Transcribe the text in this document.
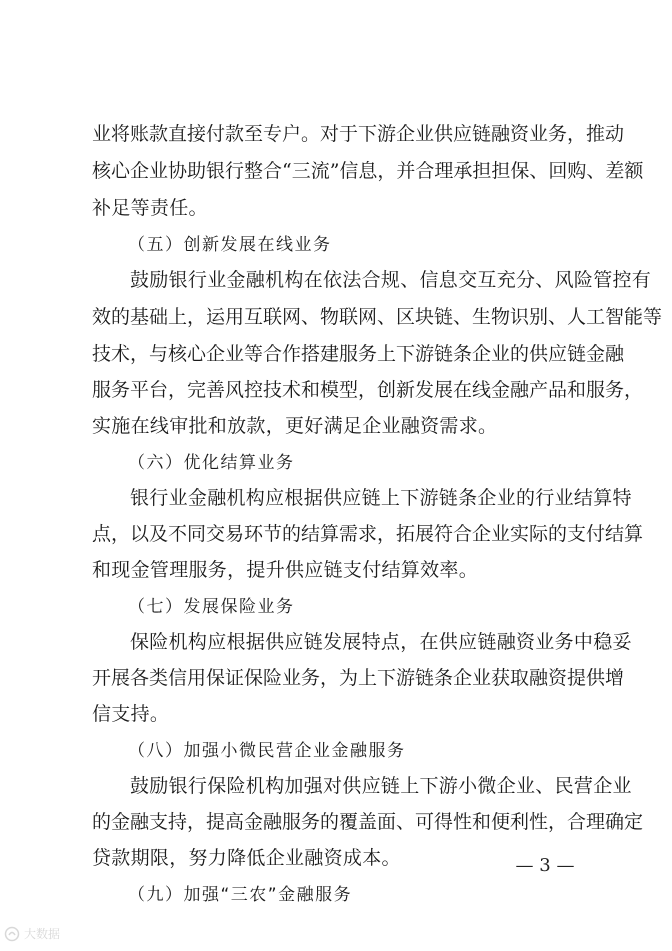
业将账款直接付款至专户。对于下游企业供应链融资业务，推动
核心企业协助银行整合“三流”信息，并合理承担担保、回购、差额
补足等责任。
（五）创新发展在线业务
鼓励银行业金融机构在依法合规、信息交互充分、风险管控有
效的基础上，运用互联网、物联网、区块链、生物识别、人工智能等
技术，与核心企业等合作搭建服务上下游链条企业的供应链金融
服务平台，完善风控技术和模型，创新发展在线金融产品和服务，
实施在线审批和放款，更好满足企业融资需求。
（六）优化结算业务
银行业金融机构应根据供应链上下游链条企业的行业结算特
点，以及不同交易环节的结算需求，拓展符合企业实际的支付结算
和现金管理服务，提升供应链支付结算效率。
（七）发展保险业务
保险机构应根据供应链发展特点，在供应链融资业务中稳妥
开展各类信用保证保险业务，为上下游链条企业获取融资提供增
信支持。
（八）加强小微民营企业金融服务
鼓励银行保险机构加强对供应链上下游小微企业、民营企业
的金融支持，提高金融服务的覆盖面、可得性和便利性，合理确定
贷款期限，努力降低企业融资成本。
（九）加强“三农”金融服务
— 3 —
大数据
